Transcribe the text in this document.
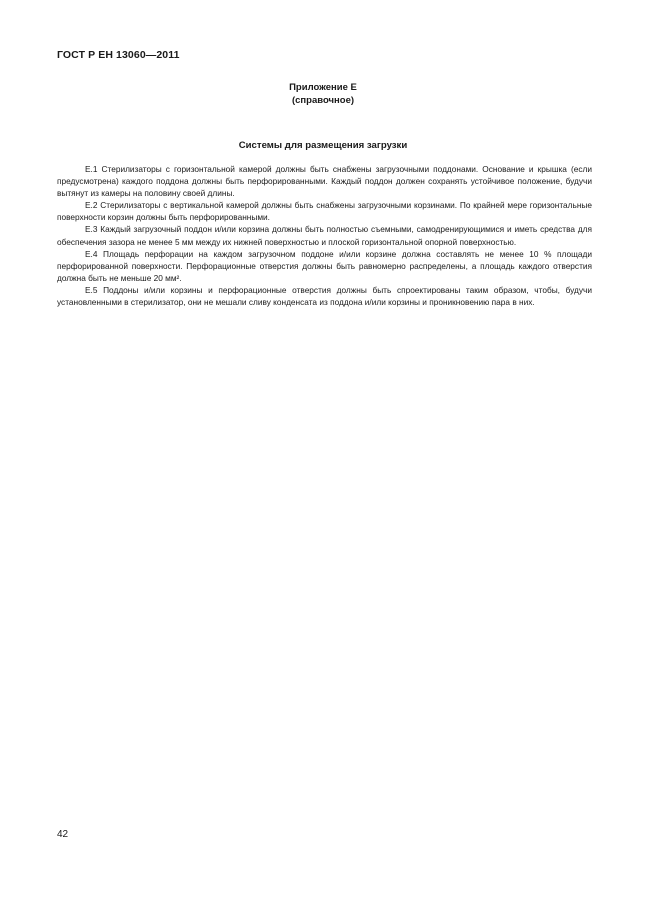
ГОСТ Р ЕН 13060—2011
Приложение Е
(справочное)
Системы для размещения загрузки

Е.1 Стерилизаторы с горизонтальной камерой должны быть снабжены загрузочными поддонами. Основание и крышка (если предусмотрена) каждого поддона должны быть перфорированными. Каждый поддон должен сохранять устойчивое положение, будучи вытянут из камеры на половину своей длины.

Е.2 Стерилизаторы с вертикальной камерой должны быть снабжены загрузочными корзинами. По крайней мере горизонтальные поверхности корзин должны быть перфорированными.

Е.3 Каждый загрузочный поддон и/или корзина должны быть полностью съемными, самодренирующимися и иметь средства для обеспечения зазора не менее 5 мм между их нижней поверхностью и плоской горизонтальной опорной поверхностью.

Е.4 Площадь перфорации на каждом загрузочном поддоне и/или корзине должна составлять не менее 10 % площади перфорированной поверхности. Перфорационные отверстия должны быть равномерно распределены, а площадь каждого отверстия должна быть не меньше 20 мм².

Е.5 Поддоны и/или корзины и перфорационные отверстия должны быть спроектированы таким образом, чтобы, будучи установленными в стерилизатор, они не мешали сливу конденсата из поддона и/или корзины и проникновению пара в них.

42
